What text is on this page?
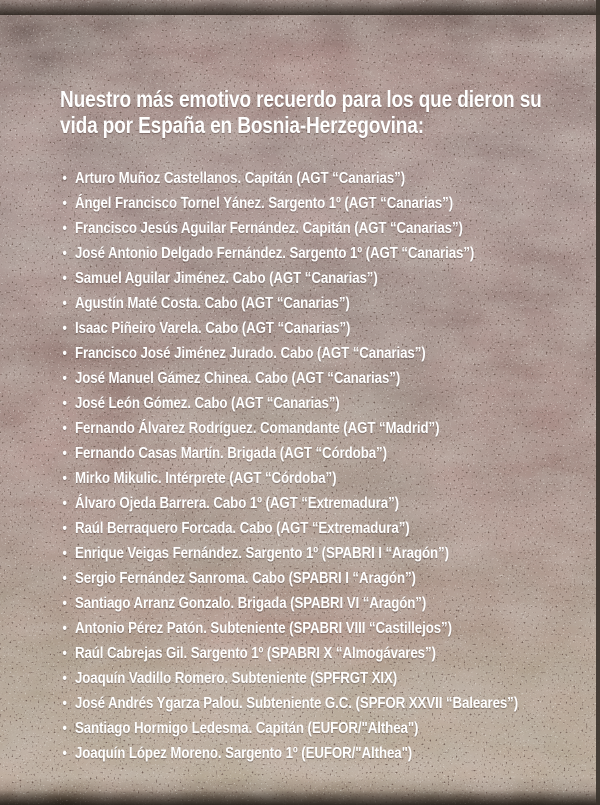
Nuestro más emotivo recuerdo para los que dieron su
vida por España en Bosnia-Herzegovina:
• Arturo Muñoz Castellanos. Capitán (AGT “Canarias”)
• Ángel Francisco Tornel Yánez. Sargento 1º (AGT “Canarias”)
• Francisco Jesús Aguilar Fernández. Capitán (AGT “Canarias”)
• José Antonio Delgado Fernández. Sargento 1º (AGT “Canarias”)
• Samuel Aguilar Jiménez. Cabo (AGT “Canarias”)
• Agustín Maté Costa. Cabo (AGT “Canarias”)
• Isaac Piñeiro Varela. Cabo (AGT “Canarias”)
• Francisco José Jiménez Jurado. Cabo (AGT “Canarias”)
• José Manuel Gámez Chinea. Cabo (AGT “Canarias”)
• José León Gómez. Cabo (AGT “Canarias”)
• Fernando Álvarez Rodríguez. Comandante (AGT “Madrid”)
• Fernando Casas Martín. Brigada (AGT “Córdoba”)
• Mirko Mikulic. Intérprete (AGT “Córdoba”)
• Álvaro Ojeda Barrera. Cabo 1º (AGT “Extremadura”)
• Raúl Berraquero Forcada. Cabo (AGT “Extremadura”)
• Enrique Veigas Fernández. Sargento 1º (SPABRI I “Aragón”)
• Sergio Fernández Sanroma. Cabo (SPABRI I “Aragón”)
• Santiago Arranz Gonzalo. Brigada (SPABRI VI “Aragón”)
• Antonio Pérez Patón. Subteniente (SPABRI VIII “Castillejos”)
• Raúl Cabrejas Gil. Sargento 1º (SPABRI X “Almogávares”)
• Joaquín Vadillo Romero. Subteniente (SPFRGT XIX)
• José Andrés Ygarza Palou. Subteniente G.C. (SPFOR XXVII “Baleares”)
• Santiago Hormigo Ledesma. Capitán (EUFOR/"Althea")
• Joaquín López Moreno. Sargento 1º (EUFOR/"Althea")
